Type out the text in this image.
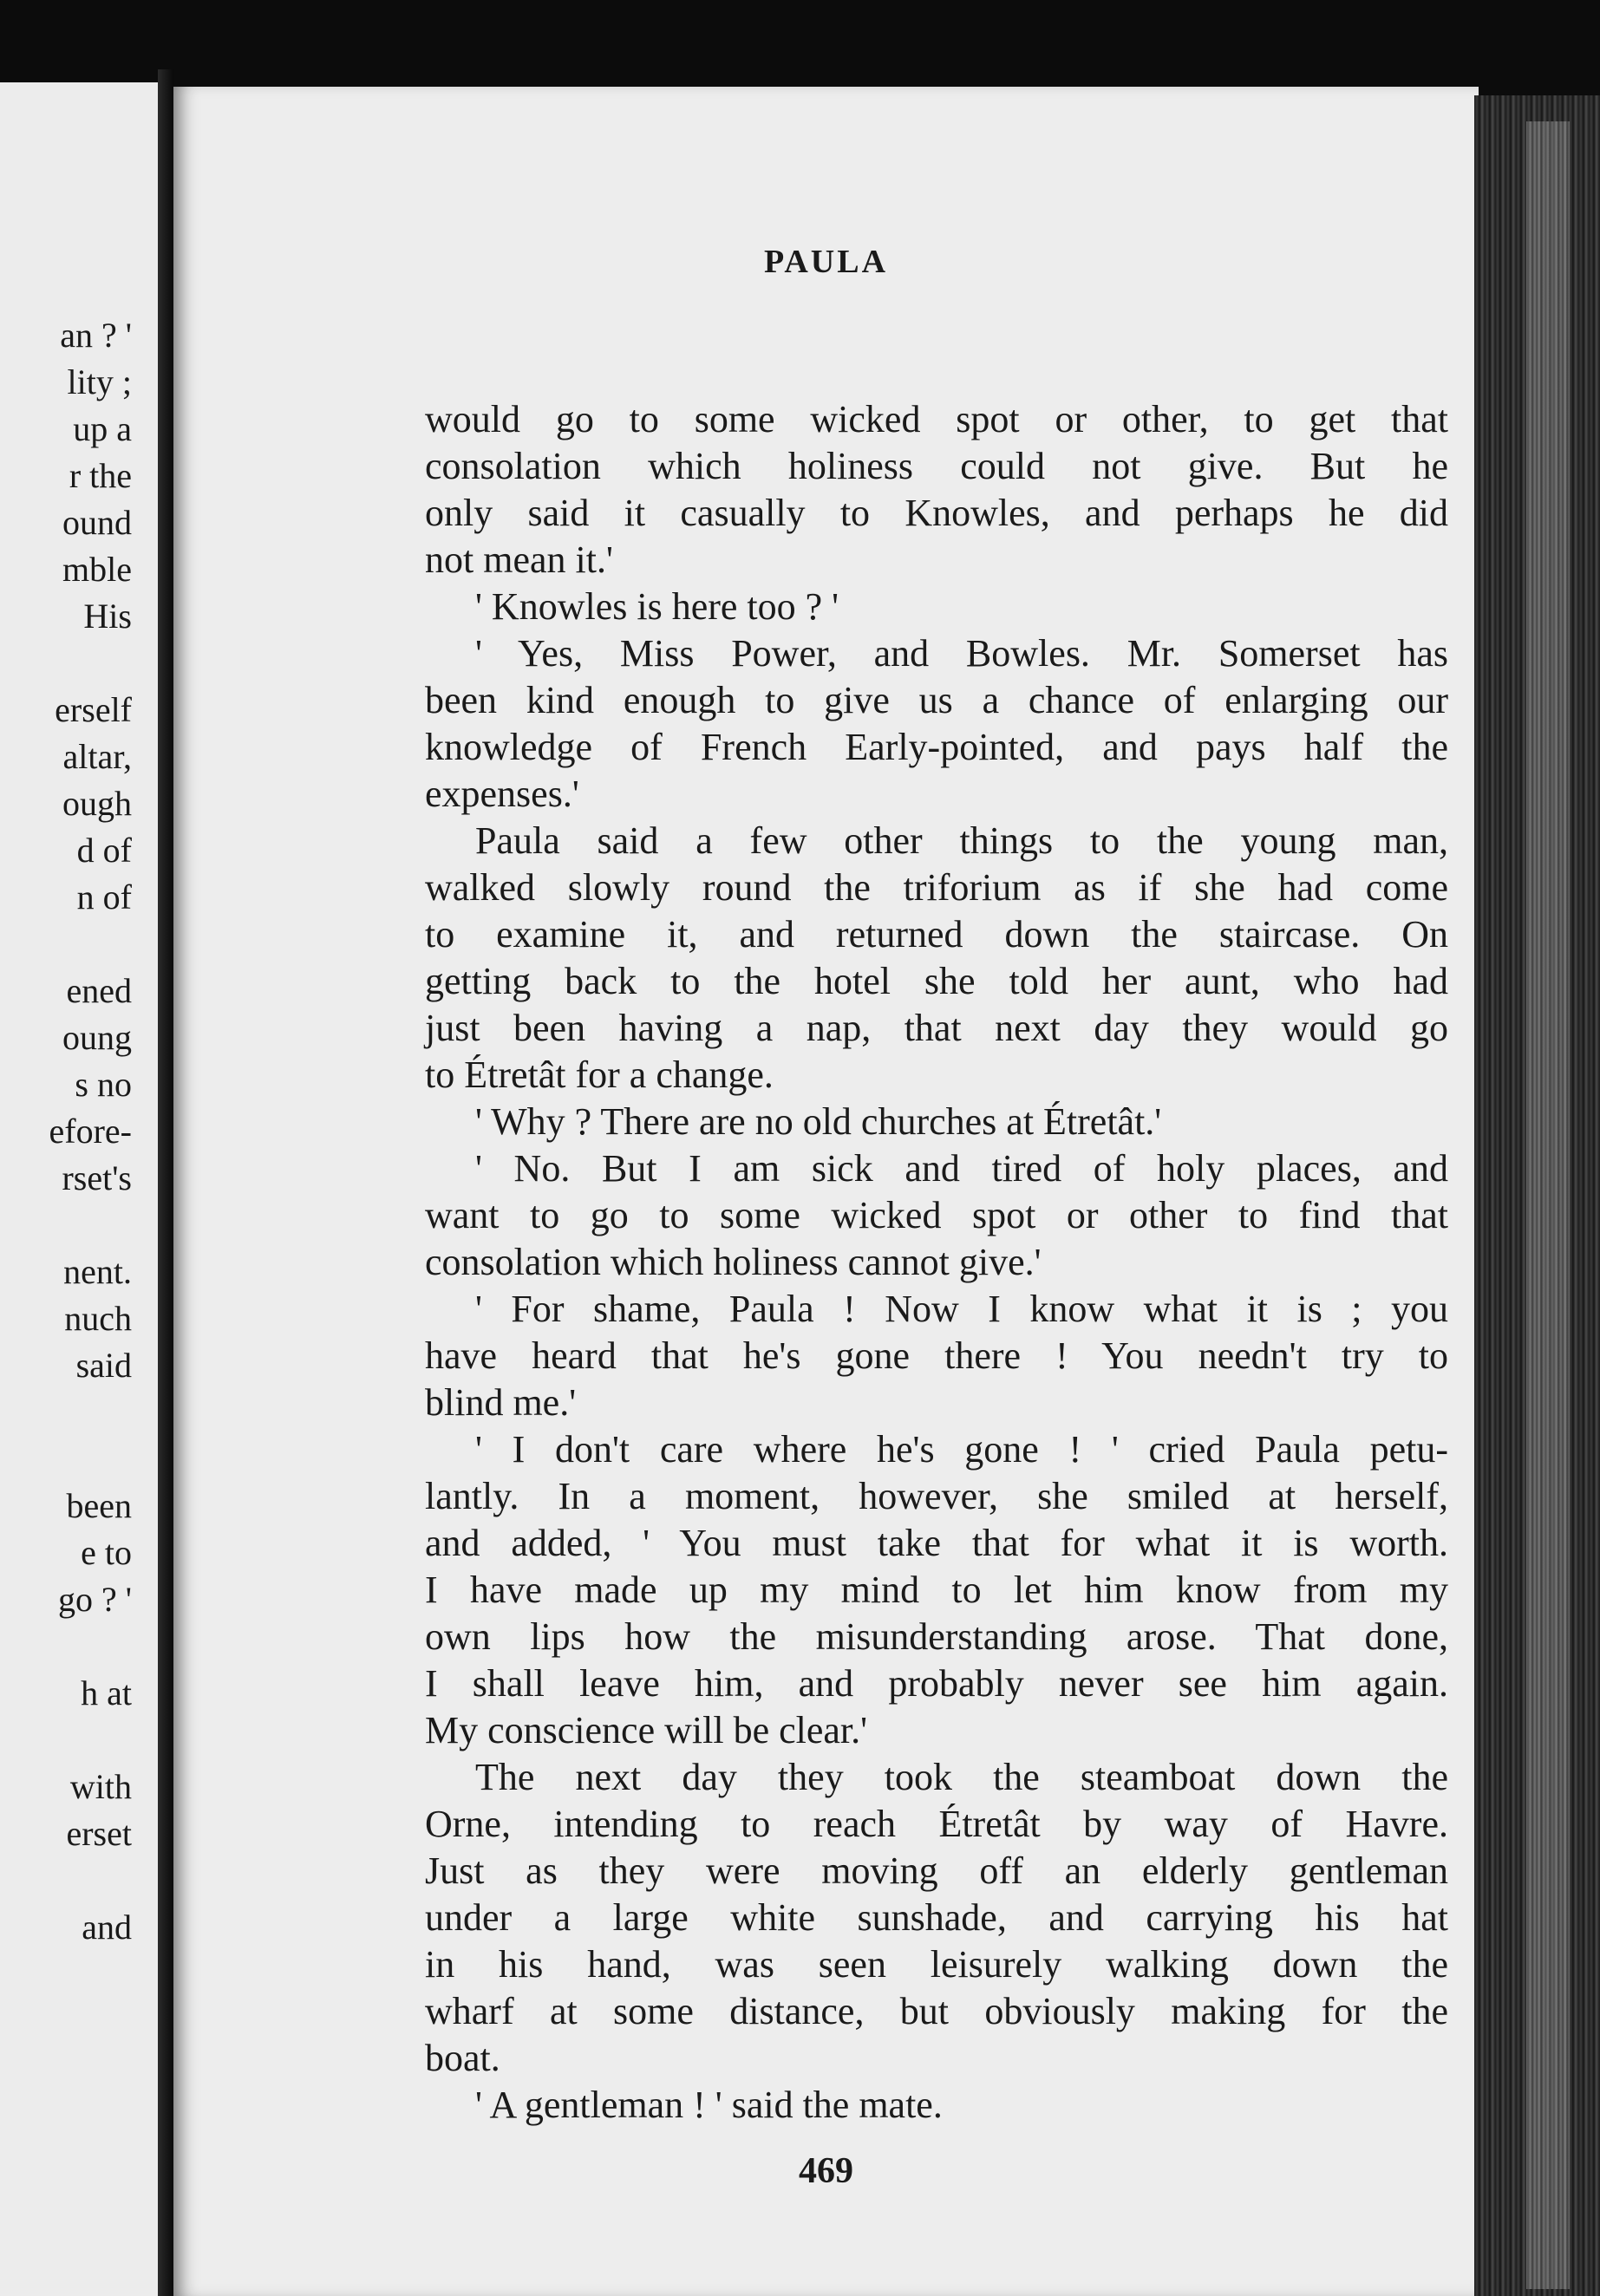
an ? '
lity ;
up a
r the
ound
mble
His
erself
altar,
ough
d of
n of
ened
oung
s no
efore-
rset's
nent.
nuch
said
been
e to
go ? '
h at
with
erset
and
PAULA
would go to some wicked spot or other, to get that
consolation which holiness could not give. But he
only said it casually to Knowles, and perhaps he did
not mean it.'
' Knowles is here too ? '
' Yes, Miss Power, and Bowles. Mr. Somerset has
been kind enough to give us a chance of enlarging our
knowledge of French Early-pointed, and pays half the
expenses.'
Paula said a few other things to the young man,
walked slowly round the triforium as if she had come
to examine it, and returned down the staircase. On
getting back to the hotel she told her aunt, who had
just been having a nap, that next day they would go
to Étretât for a change.
' Why ? There are no old churches at Étretât.'
' No. But I am sick and tired of holy places, and
want to go to some wicked spot or other to find that
consolation which holiness cannot give.'
' For shame, Paula ! Now I know what it is ; you
have heard that he's gone there ! You needn't try to
blind me.'
' I don't care where he's gone ! ' cried Paula petu-
lantly. In a moment, however, she smiled at herself,
and added, ' You must take that for what it is worth.
I have made up my mind to let him know from my
own lips how the misunderstanding arose. That done,
I shall leave him, and probably never see him again.
My conscience will be clear.'
The next day they took the steamboat down the
Orne, intending to reach Étretât by way of Havre.
Just as they were moving off an elderly gentleman
under a large white sunshade, and carrying his hat
in his hand, was seen leisurely walking down the
wharf at some distance, but obviously making for the
boat.
' A gentleman ! ' said the mate.
469
